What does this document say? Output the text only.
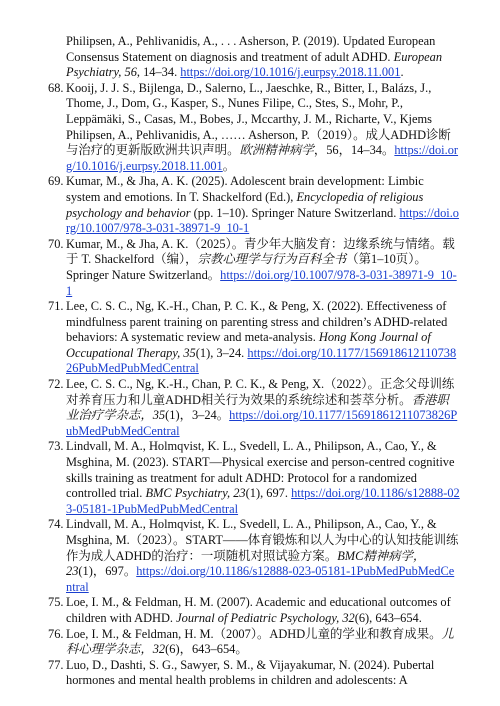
Philipsen, A., Pehlivanidis, A., . . . Asherson, P. (2019). Updated European Consensus Statement on diagnosis and treatment of adult ADHD. European Psychiatry, 56, 14–34. https://doi.org/10.1016/j.eurpsy.2018.11.001.
68. Kooij, J. J. S., Bijlenga, D., Salerno, L., Jaeschke, R., Bitter, I., Balázs, J., Thome, J., Dom, G., Kasper, S., Nunes Filipe, C., Stes, S., Mohr, P., Leppämäki, S., Casas, M., Bobes, J., Mccarthy, J. M., Richarte, V., Kjems Philipsen, A., Pehlivanidis, A., …… Asherson, P.（2019）。成人ADHD诊断与治疗的更新版欧洲共识声明。欧洲精神病学，56，14–34。https://doi.org/10.1016/j.eurpsy.2018.11.001。
69. Kumar, M., & Jha, A. K. (2025). Adolescent brain development: Limbic system and emotions. In T. Shackelford (Ed.), Encyclopedia of religious psychology and behavior (pp. 1–10). Springer Nature Switzerland. https://doi.org/10.1007/978-3-031-38971-9_10-1
70. Kumar, M., & Jha, A. K.（2025）。青少年大脑发育：边缘系统与情绪。载于 T. Shackelford（编），宗教心理学与行为百科全书（第1–10页）。Springer Nature Switzerland。https://doi.org/10.1007/978-3-031-38971-9_10-1
71. Lee, C. S. C., Ng, K.-H., Chan, P. C. K., & Peng, X. (2022). Effectiveness of mindfulness parent training on parenting stress and children’s ADHD-related behaviors: A systematic review and meta-analysis. Hong Kong Journal of Occupational Therapy, 35(1), 3–24. https://doi.org/10.1177/15691861211073826PubMedPubMedCentral
72. Lee, C. S. C., Ng, K.-H., Chan, P. C. K., & Peng, X.（2022）。正念父母训练对养育压力和儿童ADHD相关行为效果的系统综述和荟萃分析。香港职业治疗学杂志，35(1)，3–24。https://doi.org/10.1177/15691861211073826PubMedPubMedCentral
73. Lindvall, M. A., Holmqvist, K. L., Svedell, L. A., Philipson, A., Cao, Y., & Msghina, M. (2023). START—Physical exercise and person-centred cognitive skills training as treatment for adult ADHD: Protocol for a randomized controlled trial. BMC Psychiatry, 23(1), 697. https://doi.org/10.1186/s12888-023-05181-1PubMedPubMedCentral
74. Lindvall, M. A., Holmqvist, K. L., Svedell, L. A., Philipson, A., Cao, Y., & Msghina, M.（2023）。START——体育锻炼和以人为中心的认知技能训练作为成人ADHD的治疗：一项随机对照试验方案。BMC精神病学，23(1)，697。https://doi.org/10.1186/s12888-023-05181-1PubMedPubMedCentral
75. Loe, I. M., & Feldman, H. M. (2007). Academic and educational outcomes of children with ADHD. Journal of Pediatric Psychology, 32(6), 643–654.
76. Loe, I. M., & Feldman, H. M.（2007）。ADHD儿童的学业和教育成果。儿科心理学杂志，32(6)，643–654。
77. Luo, D., Dashti, S. G., Sawyer, S. M., & Vijayakumar, N. (2024). Pubertal hormones and mental health problems in children and adolescents: A
